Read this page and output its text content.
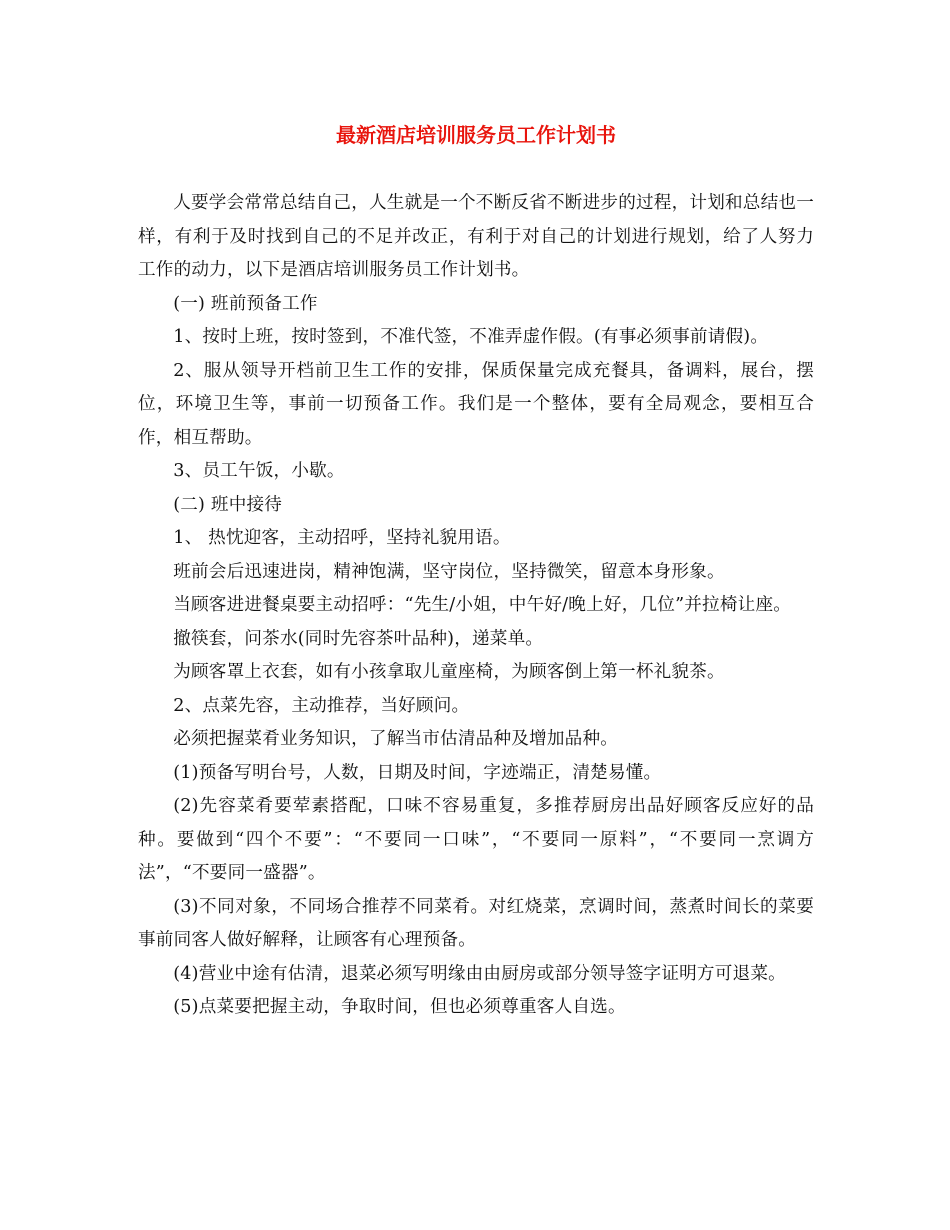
最新酒店培训服务员工作计划书

人要学会常常总结自己，人生就是一个不断反省不断进步的过程，计划和总结也一样，有利于及时找到自己的不足并改正，有利于对自己的计划进行规划，给了人努力工作的动力，以下是酒店培训服务员工作计划书。

(一) 班前预备工作

1、按时上班，按时签到，不准代签，不准弄虚作假。(有事必须事前请假)。

2、服从领导开档前卫生工作的安排，保质保量完成充餐具，备调料，展台，摆位，环境卫生等，事前一切预备工作。我们是一个整体，要有全局观念，要相互合作，相互帮助。

3、员工午饭，小歇。

(二) 班中接待

1、 热忱迎客，主动招呼，坚持礼貌用语。

班前会后迅速进岗，精神饱满，坚守岗位，坚持微笑，留意本身形象。

当顾客进进餐桌要主动招呼：“先生/小姐，中午好/晚上好，几位”并拉椅让座。

撤筷套，问茶水(同时先容茶叶品种)，递菜单。

为顾客罩上衣套，如有小孩拿取儿童座椅，为顾客倒上第一杯礼貌茶。

2、点菜先容，主动推荐，当好顾问。

必须把握菜肴业务知识，了解当市估清品种及增加品种。

(1)预备写明台号，人数，日期及时间，字迹端正，清楚易懂。

(2)先容菜肴要荤素搭配，口味不容易重复，多推荐厨房出品好顾客反应好的品种。要做到“四个不要”：“不要同一口味”，“不要同一原料”，“不要同一烹调方法”，“不要同一盛器”。

(3)不同对象，不同场合推荐不同菜肴。对红烧菜，烹调时间，蒸煮时间长的菜要事前同客人做好解释，让顾客有心理预备。

(4)营业中途有估清，退菜必须写明缘由由厨房或部分领导签字证明方可退菜。

(5)点菜要把握主动，争取时间，但也必须尊重客人自选。
